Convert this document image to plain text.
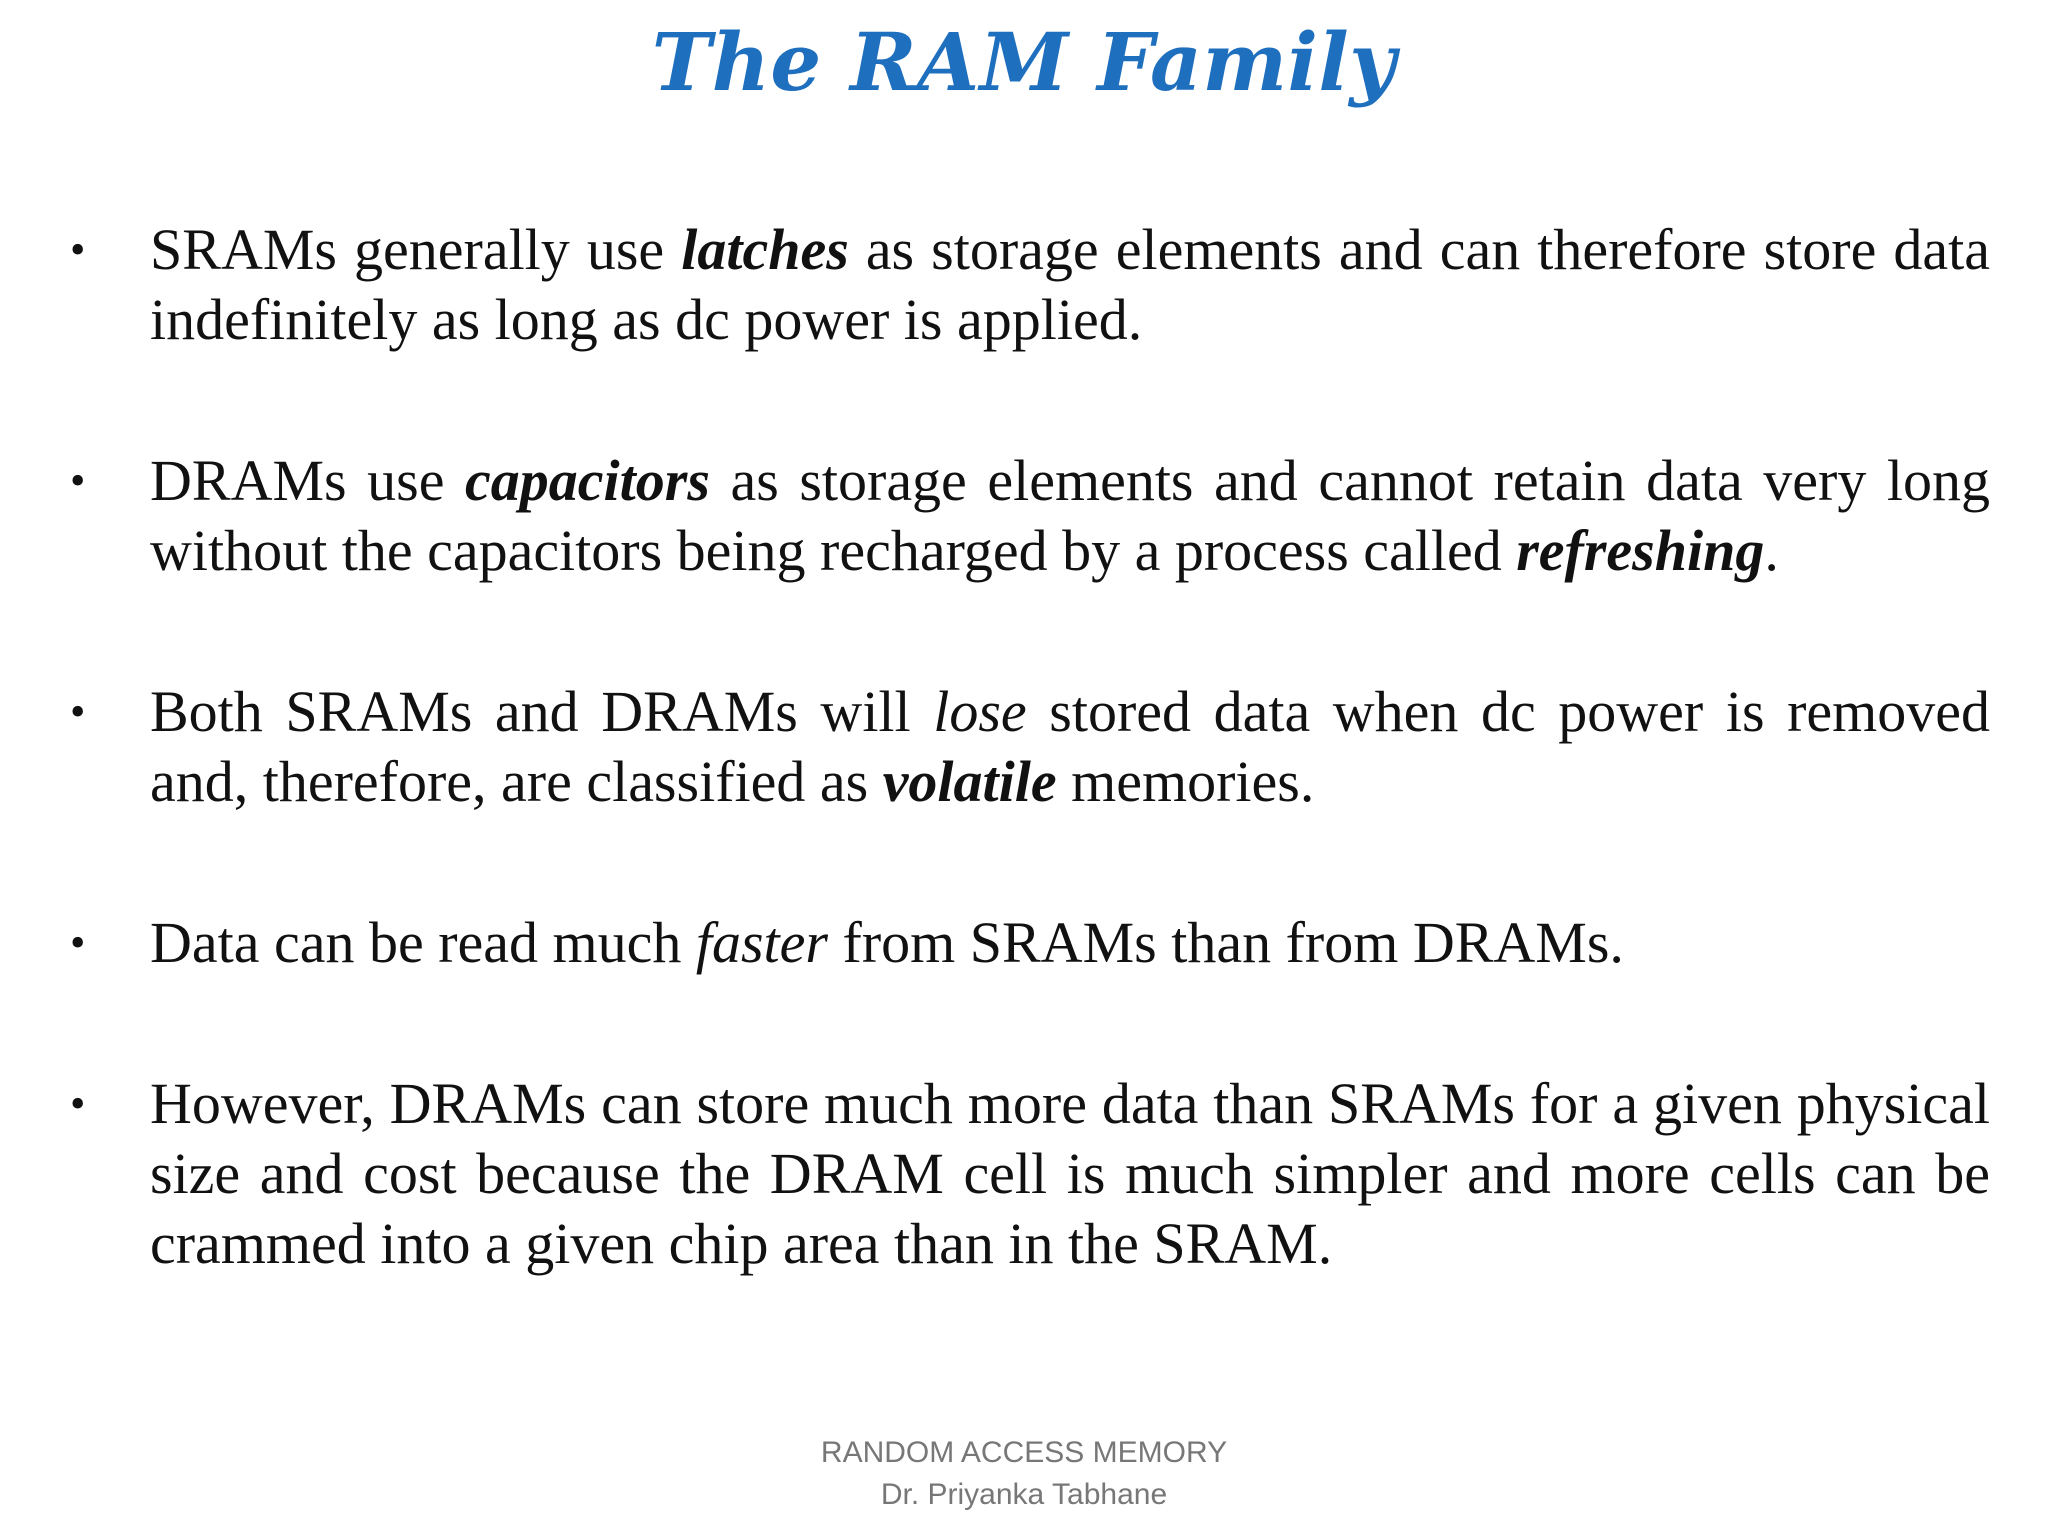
The RAM Family
• SRAMs generally use latches as storage elements and can therefore store data indefinitely as long as dc power is applied.
• DRAMs use capacitors as storage elements and cannot retain data very long without the capacitors being recharged by a process called refreshing.
• Both SRAMs and DRAMs will lose stored data when dc power is removed and, therefore, are classified as volatile memories.
• Data can be read much faster from SRAMs than from DRAMs.
• However, DRAMs can store much more data than SRAMs for a given physical size and cost because the DRAM cell is much simpler and more cells can be crammed into a given chip area than in the SRAM.
RANDOM ACCESS MEMORY
Dr. Priyanka Tabhane
